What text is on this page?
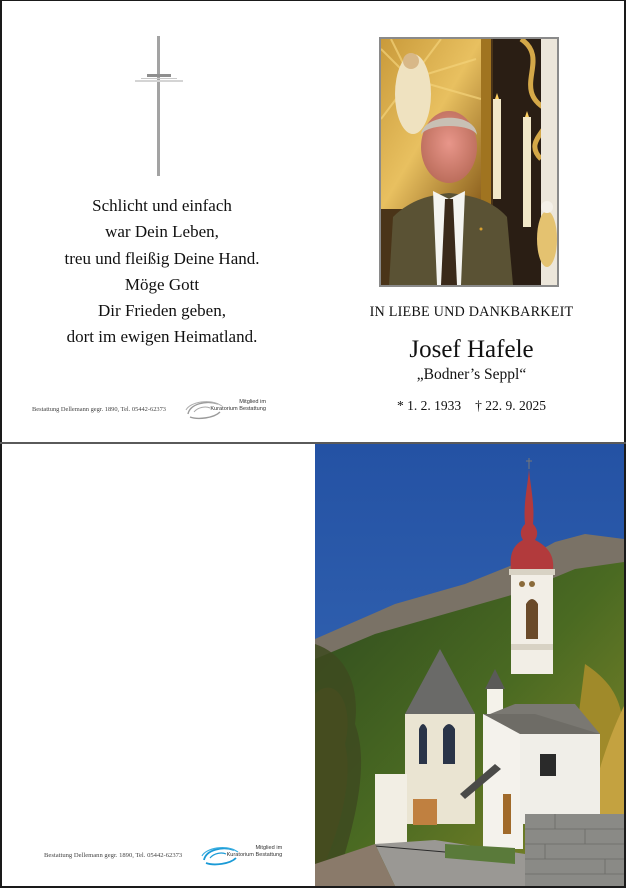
Schlicht und einfach
war Dein Leben,
treu und fleißig Deine Hand.
Möge Gott
Dir Frieden geben,
dort im ewigen Heimatland.
Bestattung Dellemann gegr. 1890, Tel. 05442-62373
Mitglied im
Kuratorium Bestattung
IN LIEBE UND DANKBARKEIT
Josef Hafele
„Bodner’s Seppl“
* 1. 2. 1933 † 22. 9. 2025
Bestattung Dellemann gegr. 1890, Tel. 05442-62373
Mitglied im
Kuratorium Bestattung
